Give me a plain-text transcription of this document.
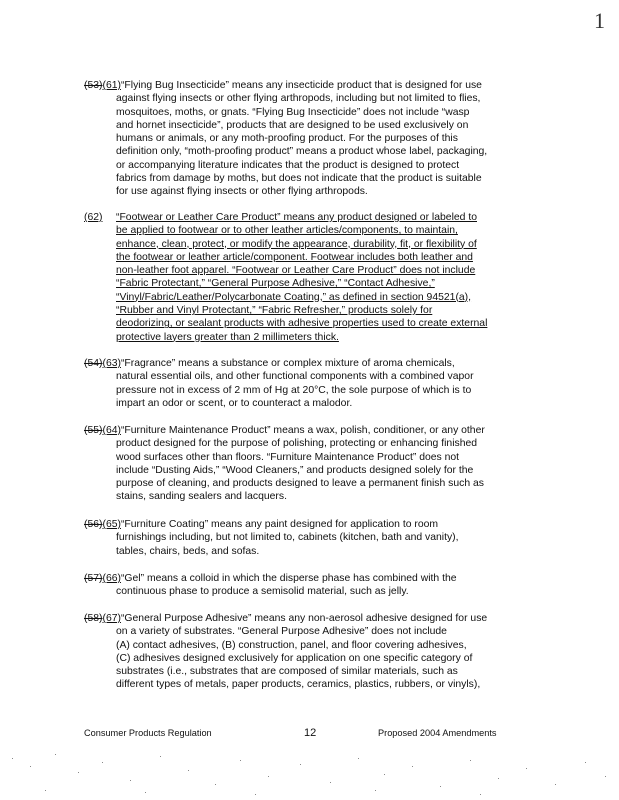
1
(53)(61)“Flying Bug Insecticide” means any insecticide product that is designed for use
against flying insects or other flying arthropods, including but not limited to flies,
mosquitoes, moths, or gnats. “Flying Bug Insecticide” does not include “wasp
and hornet insecticide”, products that are designed to be used exclusively on
humans or animals, or any moth-proofing product. For the purposes of this
definition only, “moth-proofing product” means a product whose label, packaging,
or accompanying literature indicates that the product is designed to protect
fabrics from damage by moths, but does not indicate that the product is suitable
for use against flying insects or other flying arthropods.
(62) “Footwear or Leather Care Product” means any product designed or labeled to
be applied to footwear or to other leather articles/components, to maintain,
enhance, clean, protect, or modify the appearance, durability, fit, or flexibility of
the footwear or leather article/component. Footwear includes both leather and
non-leather foot apparel. “Footwear or Leather Care Product” does not include
“Fabric Protectant,” “General Purpose Adhesive,” “Contact Adhesive,”
“Vinyl/Fabric/Leather/Polycarbonate Coating,” as defined in section 94521(a),
“Rubber and Vinyl Protectant,” “Fabric Refresher,” products solely for
deodorizing, or sealant products with adhesive properties used to create external
protective layers greater than 2 millimeters thick.
(54)(63)“Fragrance” means a substance or complex mixture of aroma chemicals,
natural essential oils, and other functional components with a combined vapor
pressure not in excess of 2 mm of Hg at 20°C, the sole purpose of which is to
impart an odor or scent, or to counteract a malodor.
(55)(64)“Furniture Maintenance Product” means a wax, polish, conditioner, or any other
product designed for the purpose of polishing, protecting or enhancing finished
wood surfaces other than floors. “Furniture Maintenance Product” does not
include “Dusting Aids,” “Wood Cleaners,” and products designed solely for the
purpose of cleaning, and products designed to leave a permanent finish such as
stains, sanding sealers and lacquers.
(56)(65)“Furniture Coating” means any paint designed for application to room
furnishings including, but not limited to, cabinets (kitchen, bath and vanity),
tables, chairs, beds, and sofas.
(57)(66)“Gel” means a colloid in which the disperse phase has combined with the
continuous phase to produce a semisolid material, such as jelly.
(58)(67)“General Purpose Adhesive” means any non-aerosol adhesive designed for use
on a variety of substrates. “General Purpose Adhesive” does not include
(A) contact adhesives, (B) construction, panel, and floor covering adhesives,
(C) adhesives designed exclusively for application on one specific category of
substrates (i.e., substrates that are composed of similar materials, such as
different types of metals, paper products, ceramics, plastics, rubbers, or vinyls),
Consumer Products Regulation	12	Proposed 2004 Amendments
